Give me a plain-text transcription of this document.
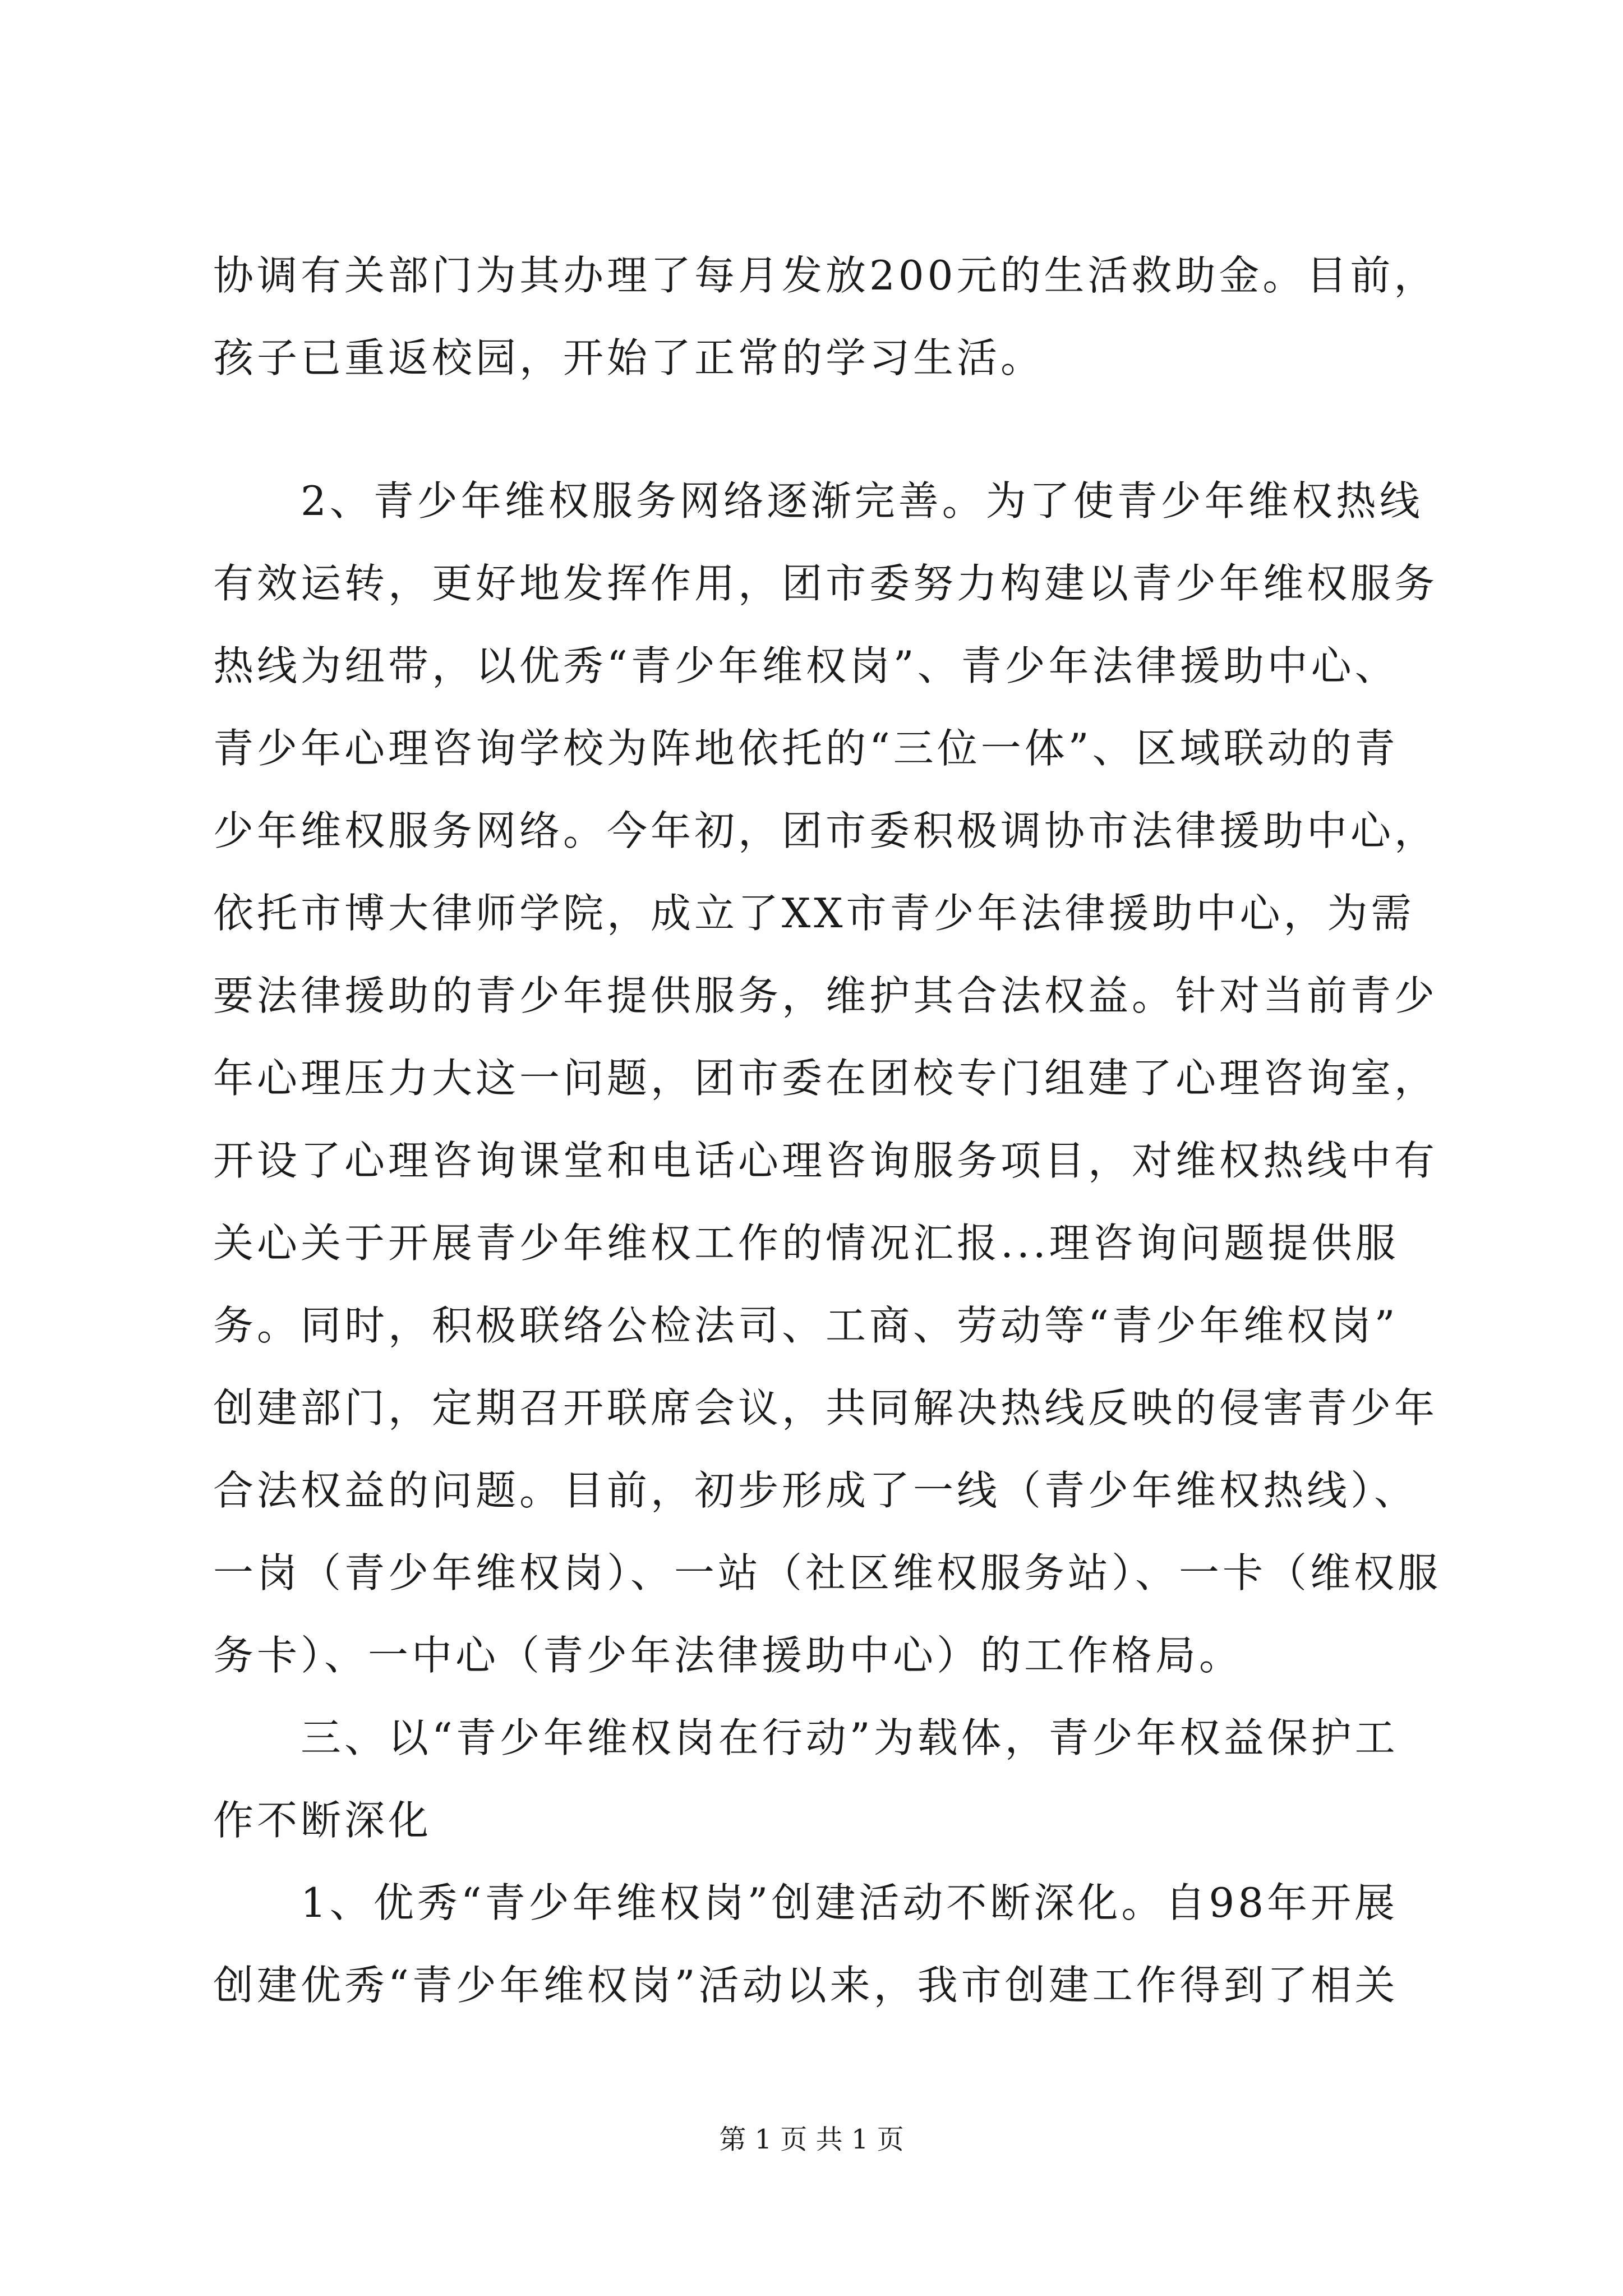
协调有关部门为其办理了每月发放200元的生活救助金。目前，
孩子已重返校园，开始了正常的学习生活。
　　2、青少年维权服务网络逐渐完善。为了使青少年维权热线
有效运转，更好地发挥作用，团市委努力构建以青少年维权服务
热线为纽带，以优秀“青少年维权岗”、青少年法律援助中心、
青少年心理咨询学校为阵地依托的“三位一体”、区域联动的青
少年维权服务网络。今年初，团市委积极调协市法律援助中心，
依托市博大律师学院，成立了XX市青少年法律援助中心，为需
要法律援助的青少年提供服务，维护其合法权益。针对当前青少
年心理压力大这一问题，团市委在团校专门组建了心理咨询室，
开设了心理咨询课堂和电话心理咨询服务项目，对维权热线中有
关心关于开展青少年维权工作的情况汇报...理咨询问题提供服
务。同时，积极联络公检法司、工商、劳动等“青少年维权岗”
创建部门，定期召开联席会议，共同解决热线反映的侵害青少年
合法权益的问题。目前，初步形成了一线（青少年维权热线）、
一岗（青少年维权岗）、一站（社区维权服务站）、一卡（维权服
务卡）、一中心（青少年法律援助中心）的工作格局。
　　三、以“青少年维权岗在行动”为载体，青少年权益保护工
作不断深化
　　1、优秀“青少年维权岗”创建活动不断深化。自98年开展
创建优秀“青少年维权岗”活动以来，我市创建工作得到了相关
第 1 页 共 1 页
